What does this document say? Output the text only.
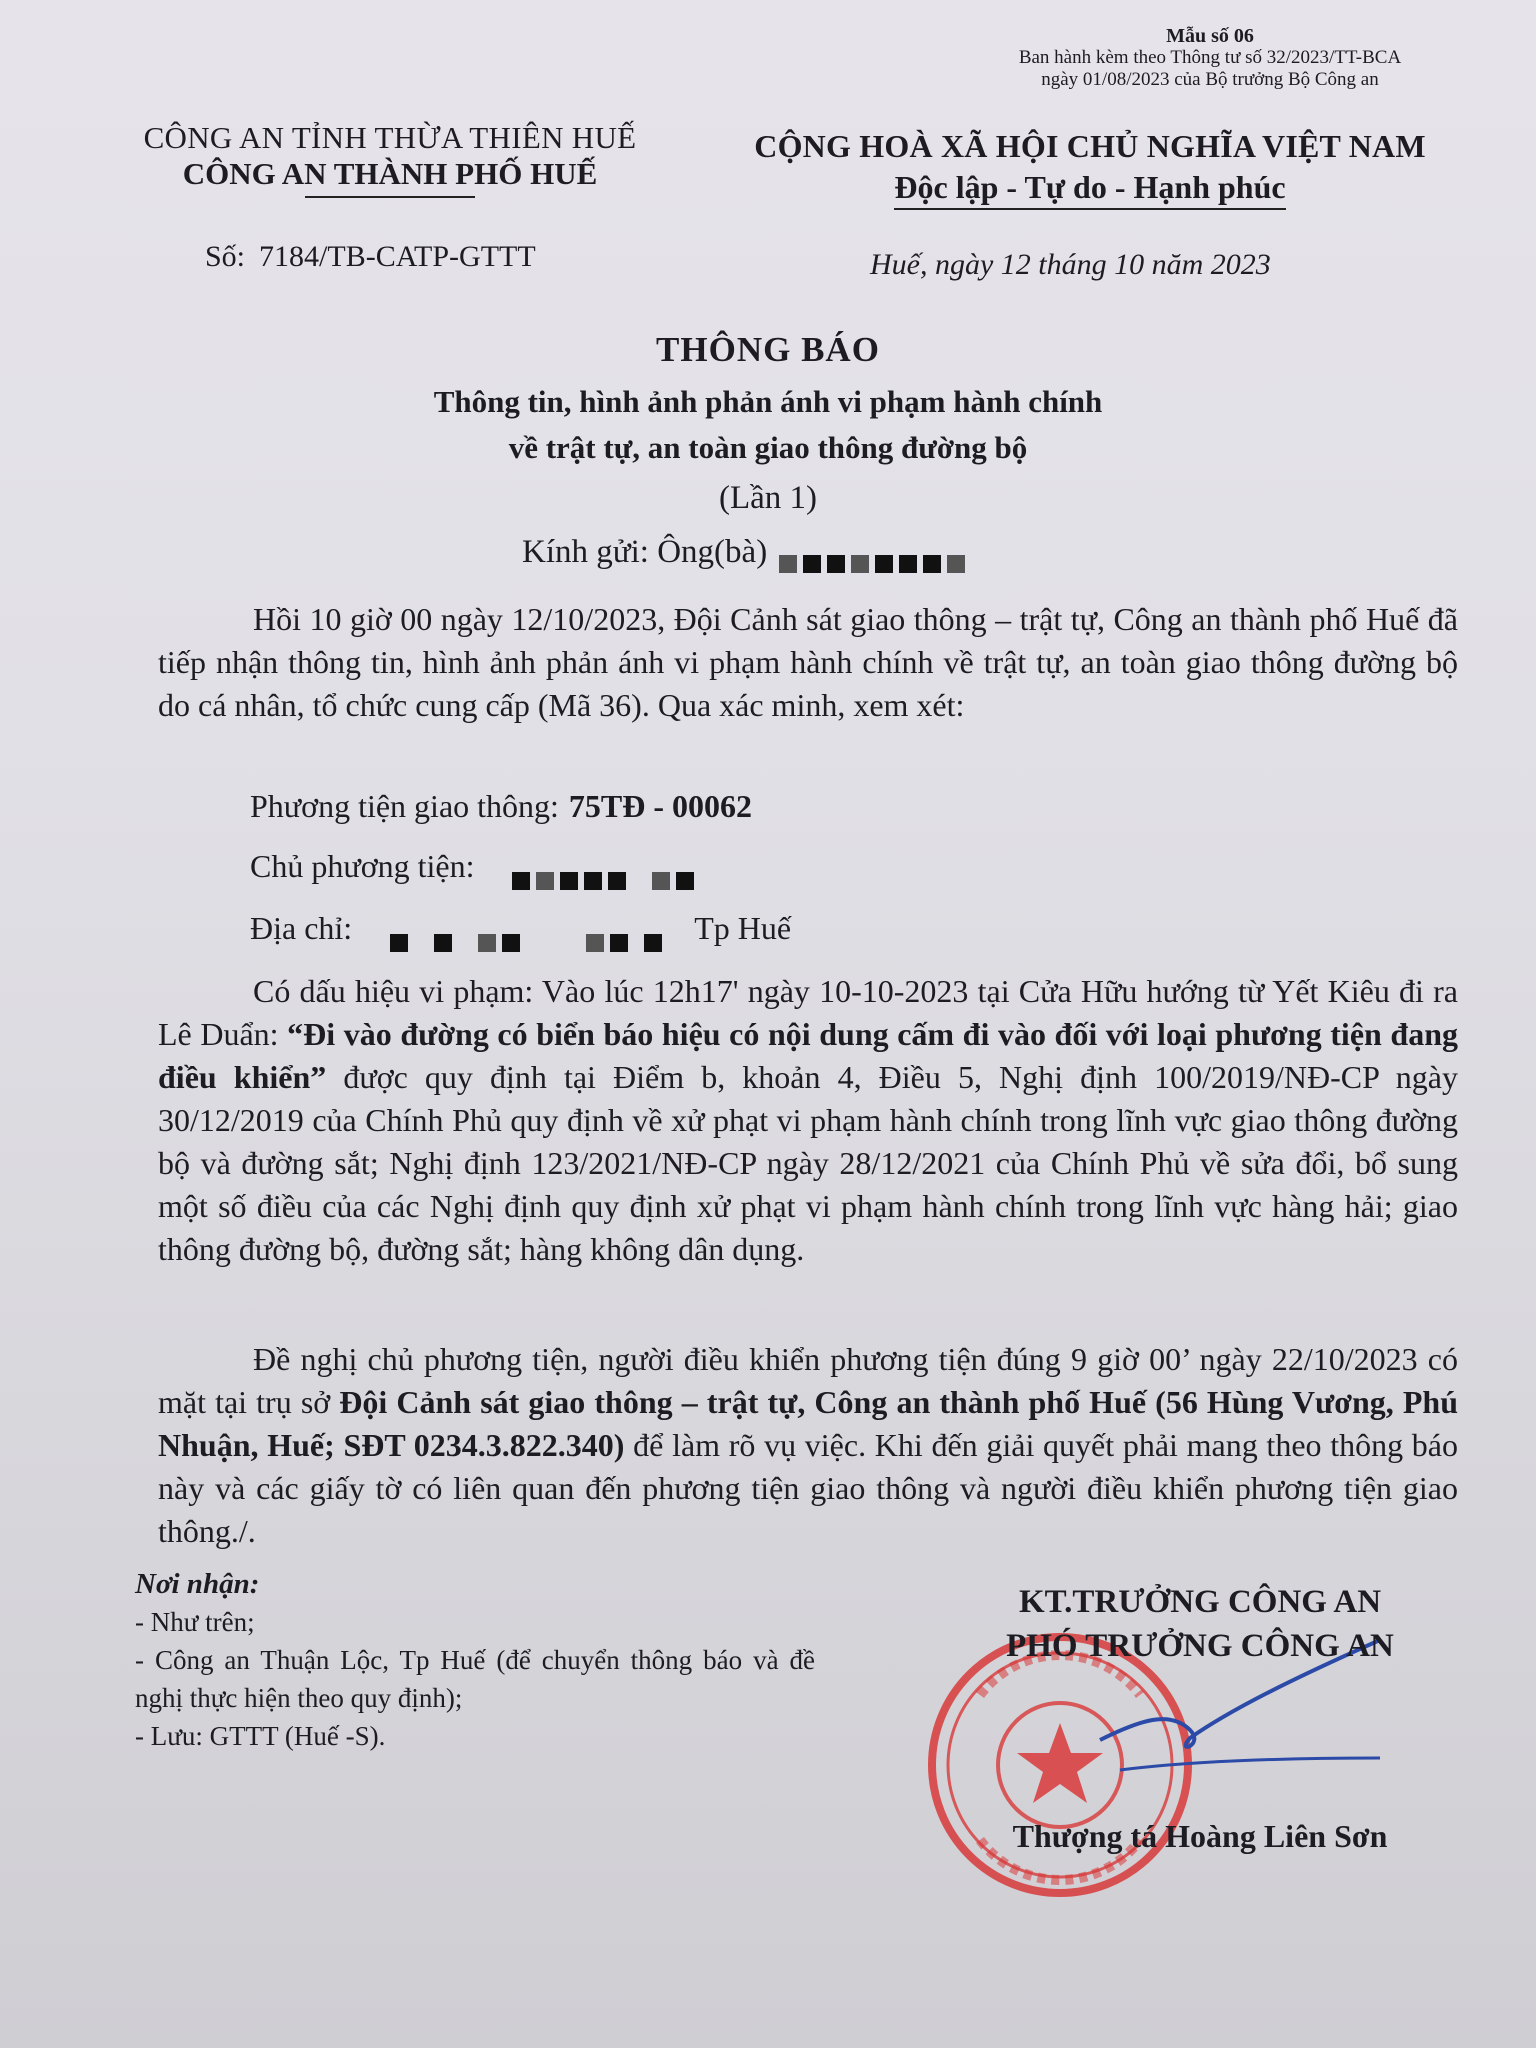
Mẫu số 06
Ban hành kèm theo Thông tư số 32/2023/TT-BCA
ngày 01/08/2023 của Bộ trưởng Bộ Công an
CÔNG AN TỈNH THỪA THIÊN HUẾ
CÔNG AN THÀNH PHỐ HUẾ
CỘNG HOÀ XÃ HỘI CHỦ NGHĨA VIỆT NAM
Độc lập - Tự do - Hạnh phúc
Số: 7184/TB-CATP-GTTT	Huế, ngày 12 tháng 10 năm 2023
THÔNG BÁO
Thông tin, hình ảnh phản ánh vi phạm hành chính
về trật tự, an toàn giao thông đường bộ
(Lần 1)
Kính gửi: Ông(bà)
Hồi 10 giờ 00 ngày 12/10/2023, Đội Cảnh sát giao thông – trật tự, Công an thành phố Huế đã tiếp nhận thông tin, hình ảnh phản ánh vi phạm hành chính về trật tự, an toàn giao thông đường bộ do cá nhân, tổ chức cung cấp (Mã 36). Qua xác minh, xem xét:
Phương tiện giao thông: 75TĐ - 00062
Chủ phương tiện:
Địa chỉ:	Tp Huế
Có dấu hiệu vi phạm: Vào lúc 12h17' ngày 10-10-2023 tại Cửa Hữu hướng từ Yết Kiêu đi ra Lê Duẩn: “Đi vào đường có biển báo hiệu có nội dung cấm đi vào đối với loại phương tiện đang điều khiển” được quy định tại Điểm b, khoản 4, Điều 5, Nghị định 100/2019/NĐ-CP ngày 30/12/2019 của Chính Phủ quy định về xử phạt vi phạm hành chính trong lĩnh vực giao thông đường bộ và đường sắt; Nghị định 123/2021/NĐ-CP ngày 28/12/2021 của Chính Phủ về sửa đổi, bổ sung một số điều của các Nghị định quy định xử phạt vi phạm hành chính trong lĩnh vực hàng hải; giao thông đường bộ, đường sắt; hàng không dân dụng.
Đề nghị chủ phương tiện, người điều khiển phương tiện đúng 9 giờ 00’ ngày 22/10/2023 có mặt tại trụ sở Đội Cảnh sát giao thông – trật tự, Công an thành phố Huế (56 Hùng Vương, Phú Nhuận, Huế; SĐT 0234.3.822.340) để làm rõ vụ việc. Khi đến giải quyết phải mang theo thông báo này và các giấy tờ có liên quan đến phương tiện giao thông và người điều khiển phương tiện giao thông./.
Nơi nhận:
- Như trên;
- Công an Thuận Lộc, Tp Huế (để chuyển thông báo và đề nghị thực hiện theo quy định);
- Lưu: GTTT (Huế -S).
KT.TRƯỞNG CÔNG AN
PHÓ TRƯỞNG CÔNG AN
Thượng tá Hoàng Liên Sơn
